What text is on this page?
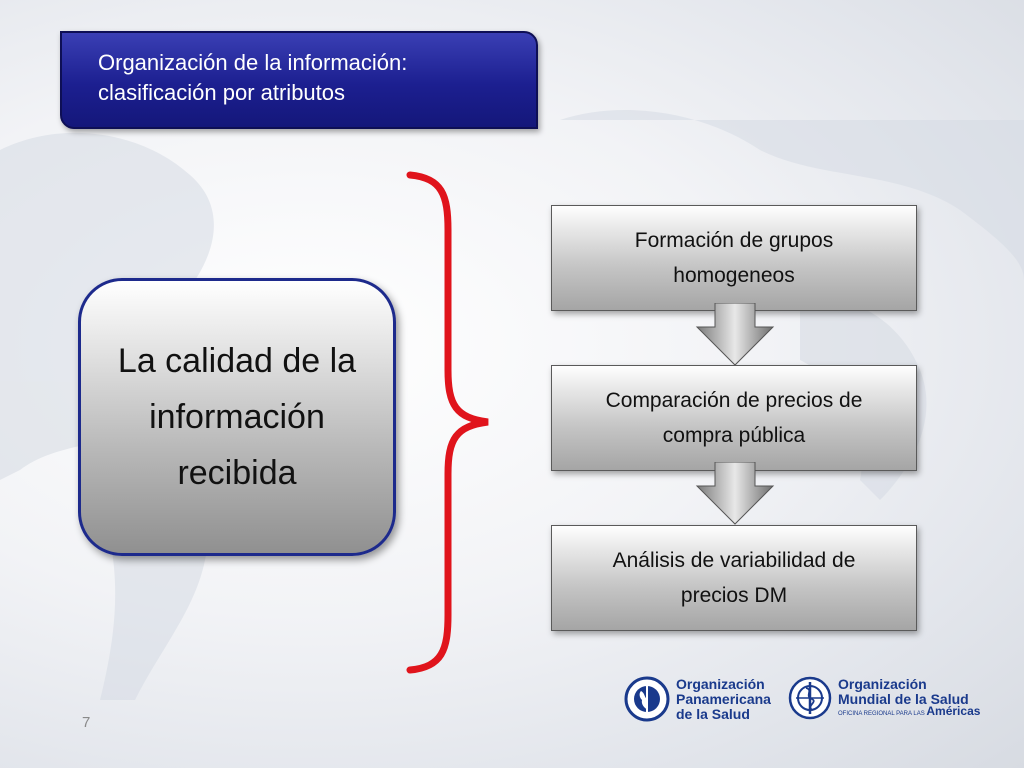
Organización de la información:
clasificación por atributos
La calidad de la
información
recibida
Formación de grupos
homogeneos
Comparación de precios de
compra pública
Análisis de variabilidad de
precios DM
7
Organización
Panamericana
de la Salud
Organización
Mundial de la Salud
OFICINA REGIONAL PARA LAS Américas
